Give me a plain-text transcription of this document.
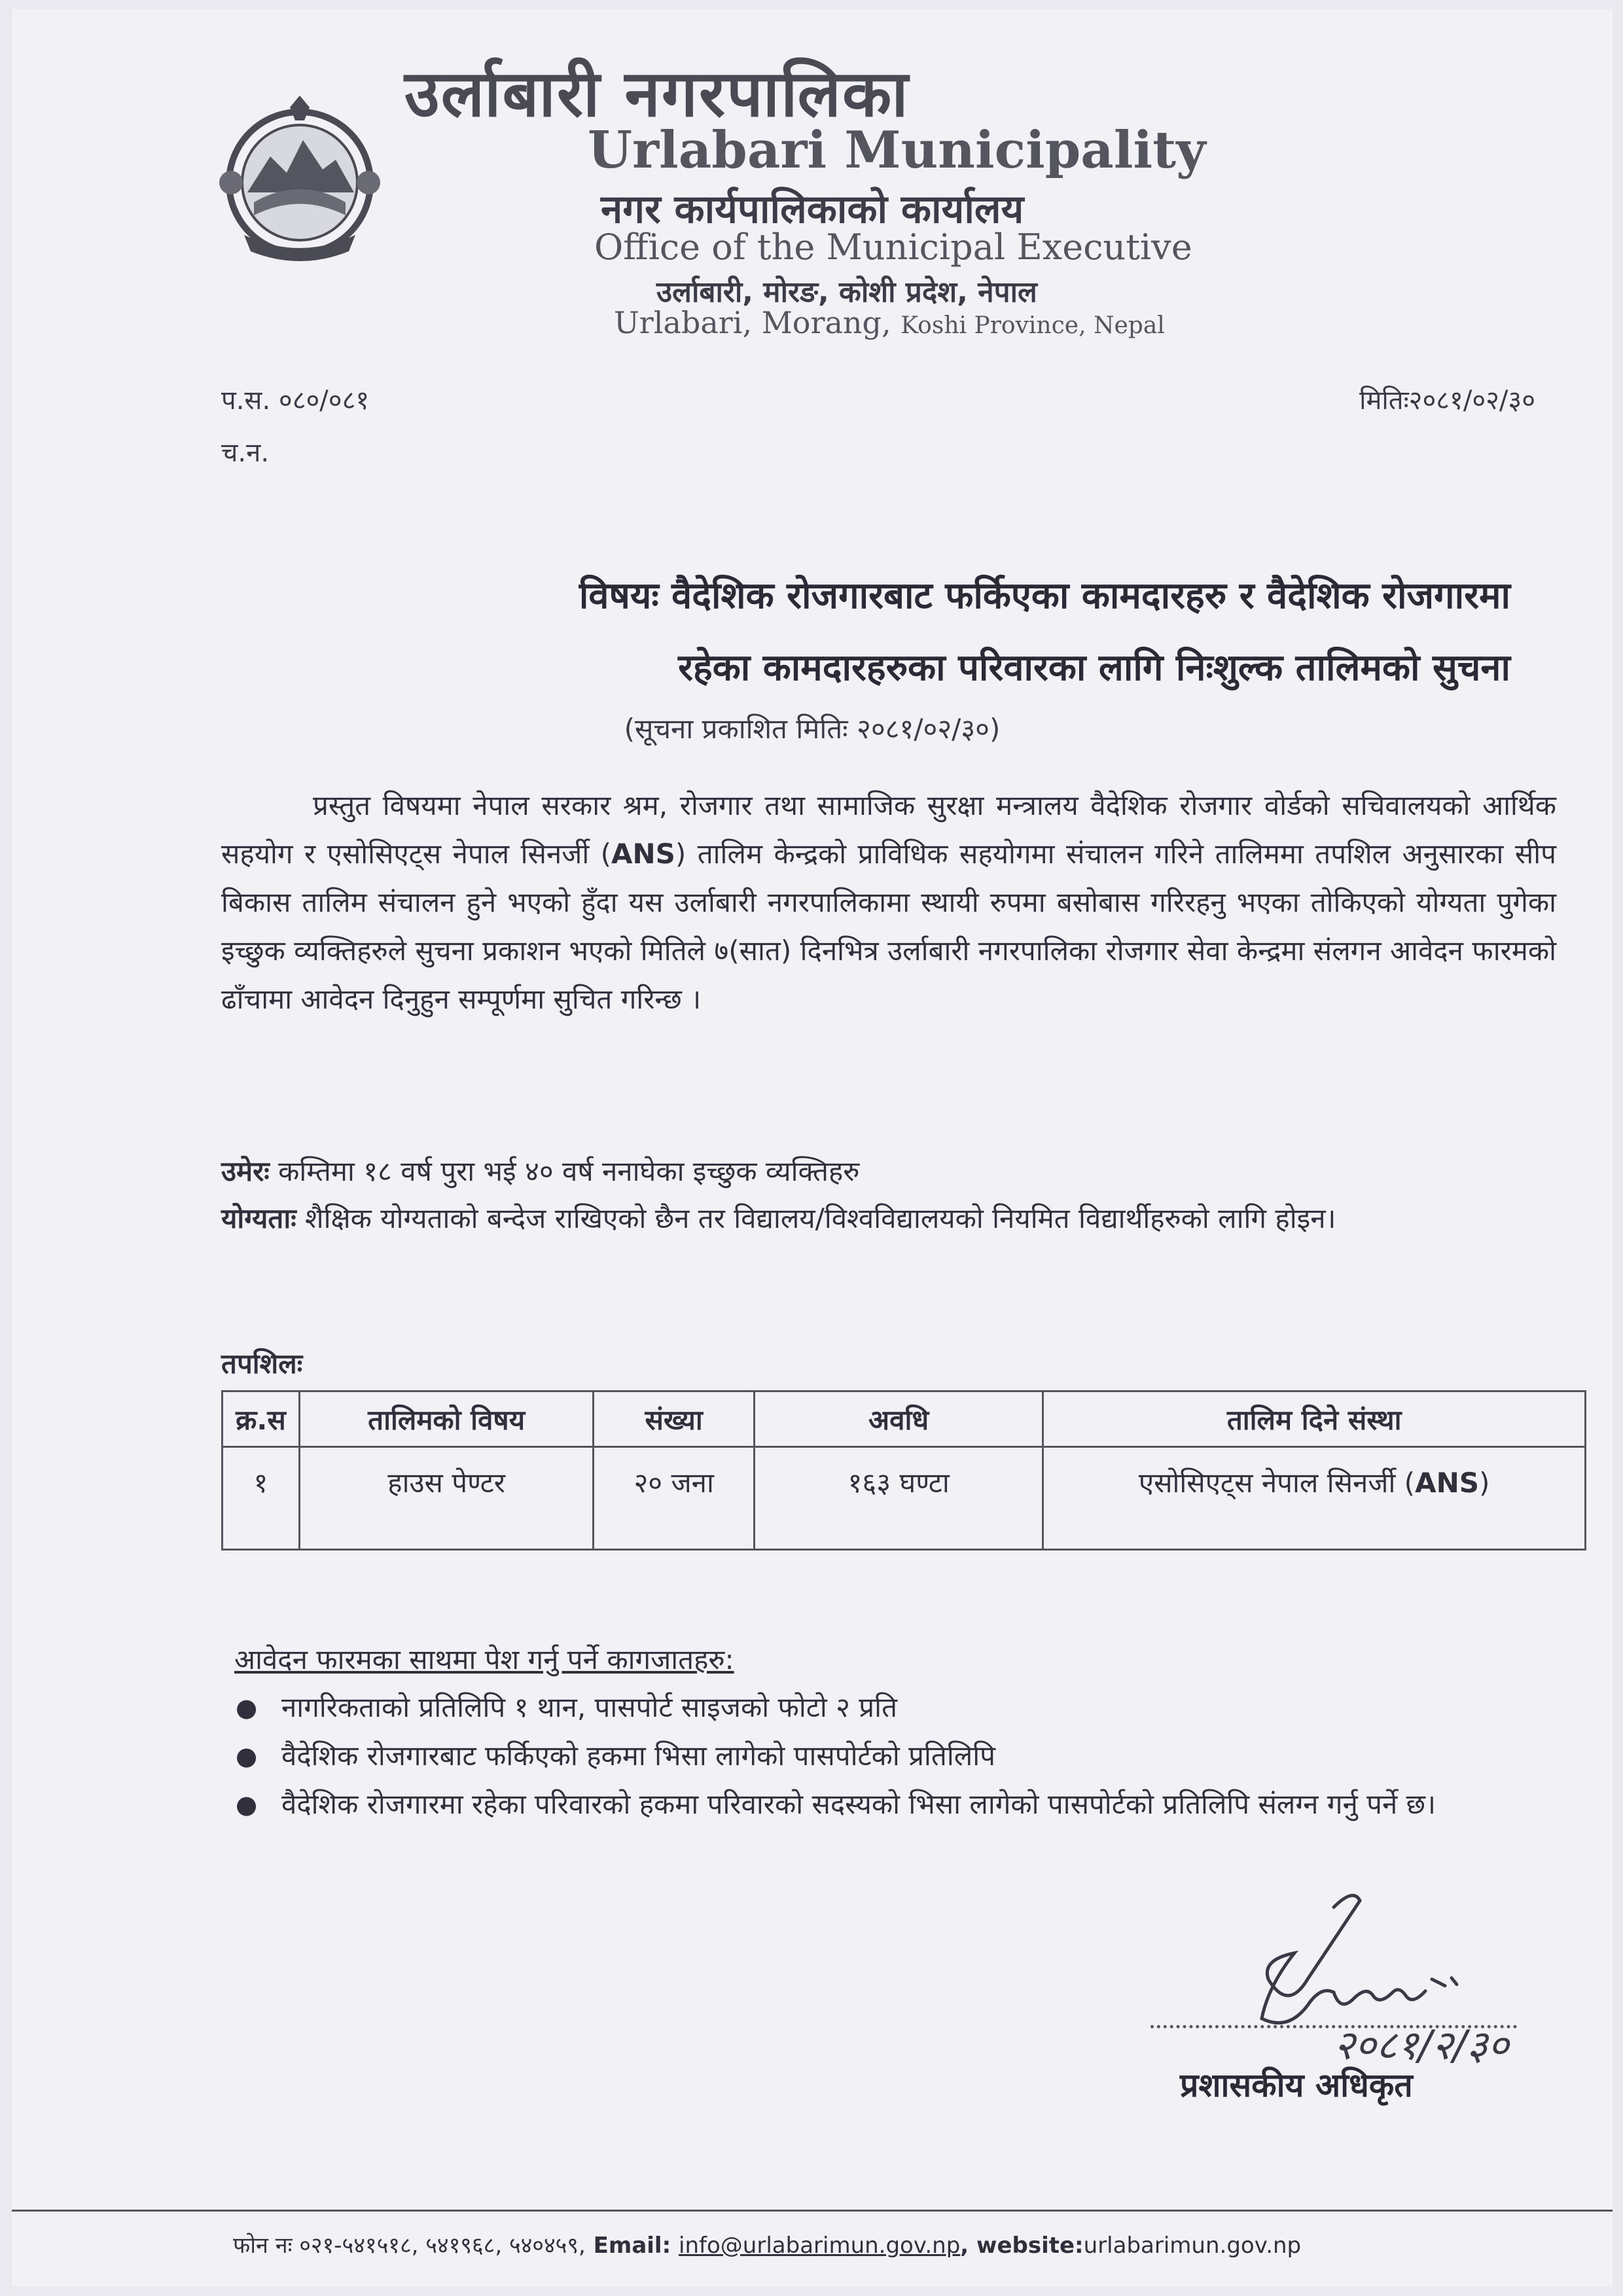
उर्लाबारी नगरपालिका
Urlabari Municipality
नगर कार्यपालिकाको कार्यालय
Office of the Municipal Executive
उर्लाबारी, मोरङ, कोशी प्रदेश, नेपाल
Urlabari, Morang, Koshi Province, Nepal
प.स. ०८०/०८१
च.न.
मितिः२०८१/०२/३०
विषयः वैदेशिक रोजगारबाट फर्किएका कामदारहरु र वैदेशिक रोजगारमा
रहेका कामदारहरुका परिवारका लागि निःशुल्क तालिमको सुचना
(सूचना प्रकाशित मितिः २०८१/०२/३०)
प्रस्तुत विषयमा नेपाल सरकार श्रम, रोजगार तथा सामाजिक सुरक्षा मन्त्रालय वैदेशिक रोजगार वोर्डको सचिवालयको आर्थिक सहयोग र एसोसिएट्स नेपाल सिनर्जी (ANS) तालिम केन्द्रको प्राविधिक सहयोगमा संचालन गरिने तालिममा तपशिल अनुसारका सीप बिकास तालिम संचालन हुने भएको हुँदा यस उर्लाबारी नगरपालिकामा स्थायी रुपमा बसोबास गरिरहनु भएका तोकिएको योग्यता पुगेका इच्छुक व्यक्तिहरुले सुचना प्रकाशन भएको मितिले ७(सात) दिनभित्र उर्लाबारी नगरपालिका रोजगार सेवा केन्द्रमा संलगन आवेदन फारमको ढाँचामा आवेदन दिनुहुन सम्पूर्णमा सुचित गरिन्छ ।
उमेरः कम्तिमा १८ वर्ष पुरा भई ४० वर्ष ननाघेका इच्छुक व्यक्तिहरु
योग्यताः शैक्षिक योग्यताको बन्देज राखिएको छैन तर विद्यालय/विश्वविद्यालयको नियमित विद्यार्थीहरुको लागि होइन।
तपशिलः
क्र.स	तालिमको विषय	संख्या	अवधि	तालिम दिने संस्था
१	हाउस पेण्टर	२० जना	१६३ घण्टा	एसोसिएट्स नेपाल सिनर्जी (ANS)
आवेदन फारमका साथमा पेश गर्नु पर्ने कागजातहरु:
● नागरिकताको प्रतिलिपि १ थान, पासपोर्ट साइजको फोटो २ प्रति
● वैदेशिक रोजगारबाट फर्किएको हकमा भिसा लागेको पासपोर्टको प्रतिलिपि
● वैदेशिक रोजगारमा रहेका परिवारको हकमा परिवारको सदस्यको भिसा लागेको पासपोर्टको प्रतिलिपि संलग्न गर्नु पर्ने छ।
२०८१/२/३०
प्रशासकीय अधिकृत
फोन नः ०२१-५४१५१८, ५४१९६८, ५४०४५९, Email: info@urlabarimun.gov.np, website:urlabarimun.gov.np
